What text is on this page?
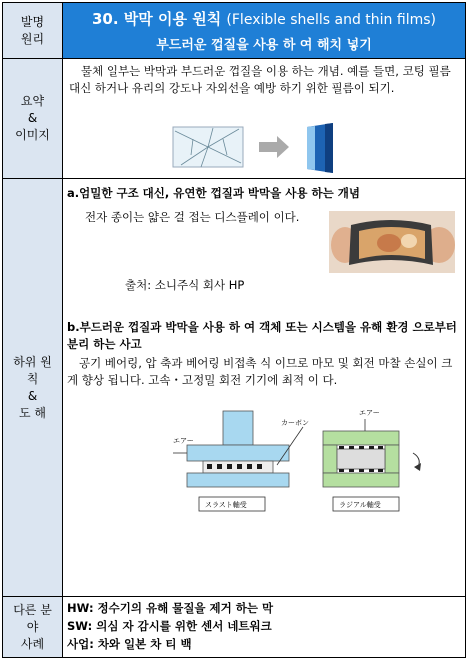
발명
원리
30. 박막 이용 원칙 (Flexible shells and thin films)
부드러운 껍질을 사용 하 여 해치 넣기
요약
&
이미지
물체 일부는 박막과 부드러운 껍질을 이용 하는 개념. 예를 들면, 코팅 필름 대신 하거나 유리의 강도나 자외선을 예방 하기 위한 필름이 되기.
하위 원
칙
&
도 해
a.엄밀한 구조 대신, 유연한 껍질과 박막을 사용 하는 개념
전자 종이는 얇은 걸 접는 디스플레이 이다.
출처: 소니주식 회사 HP
b.부드러운 껍질과 박막을 사용 하 여 객체 또는 시스템을 유해 환경 으로부터 분리 하는 사고
공기 베어링, 압 축과 베어링 비접촉 식 이므로 마모 및 회전 마찰 손실이 크게 향상 됩니다. 고속・고정밀 회전 기기에 최적 이 다.
エアー
スラスト軸受
カーボン
エアー
ラジアル軸受
다른 분
야
사례
HW: 정수기의 유해 물질을 제거 하는 막
SW: 의심 자 감시를 위한 센서 네트워크
사업: 차와 일본 차 티 백
